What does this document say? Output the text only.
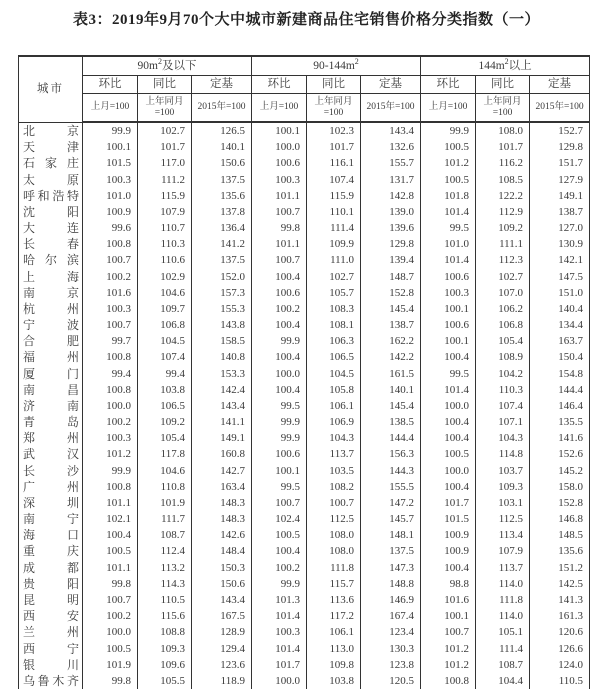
表3：2019年9月70个大中城市新建商品住宅销售价格分类指数（一）
城市	$90m^2$及以下			$90-144m^2$			$144m^2$以上		
	环比	同比	定基	环比	同比	定基	环比	同比	定基
	上月=100	上年同月=100	2015年=100	上月=100	上年同月=100	2015年=100	上月=100	上年同月=100	2015年=100

北 京	99.9	102.7	126.5	100.1	102.3	143.4	99.9	108.0	152.7

天 津	100.1	101.7	140.1	100.0	101.7	132.6	100.5	101.7	129.8

石 家 庄	101.5	117.0	150.6	100.6	116.1	155.7	101.2	116.2	151.7

太 原	100.3	111.2	137.5	100.3	107.4	131.7	100.5	108.5	127.9

呼 和 浩 特	101.0	115.9	135.6	101.1	115.9	142.8	101.8	122.2	149.1

沈 阳	100.9	107.9	137.8	100.7	110.1	139.0	101.4	112.9	138.7

大 连	99.6	110.7	136.4	99.8	111.4	139.6	99.5	109.2	127.0

长 春	100.8	110.3	141.2	101.1	109.9	129.8	101.0	111.1	130.9

哈 尔 滨	100.7	110.6	137.5	100.7	111.0	139.4	101.4	112.3	142.1

上 海	100.2	102.9	152.0	100.4	102.7	148.7	100.6	102.7	147.5

南 京	101.6	104.6	157.3	100.6	105.7	152.8	100.3	107.0	151.0

杭 州	100.3	109.7	155.3	100.2	108.3	145.4	100.1	106.2	140.4

宁 波	100.7	106.8	143.8	100.4	108.1	138.7	100.6	106.8	134.4

合 肥	99.7	104.5	158.5	99.9	106.3	162.2	100.1	105.4	163.7

福 州	100.8	107.4	140.8	100.4	106.5	142.2	100.4	108.9	150.4

厦 门	99.4	99.4	153.3	100.0	104.5	161.5	99.5	104.2	154.8

南 昌	100.8	103.8	142.4	100.4	105.8	140.1	101.4	110.3	144.4

济 南	100.0	106.5	143.4	99.5	106.1	145.4	100.0	107.4	146.4

青 岛	100.2	109.2	141.1	99.9	106.9	138.5	100.4	107.1	135.5

郑 州	100.3	105.4	149.1	99.9	104.3	144.4	100.4	104.3	141.6

武 汉	101.2	117.8	160.8	100.6	113.7	156.3	100.5	114.8	152.6

长 沙	99.9	104.6	142.7	100.1	103.5	144.3	100.0	103.7	145.2

广 州	100.8	110.8	163.4	99.5	108.2	155.5	100.4	109.3	158.0

深 圳	101.1	101.9	148.3	100.7	100.7	147.2	101.7	103.1	152.8

南 宁	102.1	111.7	148.3	102.4	112.5	145.7	101.5	112.5	146.8

海 口	100.4	108.7	142.6	100.5	108.0	148.1	100.9	113.4	148.5

重 庆	100.5	112.4	148.4	100.4	108.0	137.5	100.9	107.9	135.6

成 都	101.1	113.2	150.3	100.2	111.8	147.3	100.4	113.7	151.2

贵 阳	99.8	114.3	150.6	99.9	115.7	148.8	98.8	114.0	142.5

昆 明	100.7	110.5	143.4	101.3	113.6	146.9	101.6	111.8	141.3

西 安	100.2	115.6	167.5	101.4	117.2	167.4	100.1	114.0	161.3

兰 州	100.0	108.8	128.9	100.3	106.1	123.4	100.7	105.1	120.6

西 宁	100.5	109.3	129.4	101.4	113.0	130.3	101.2	111.4	126.6

银 川	101.9	109.6	123.6	101.7	109.8	123.8	101.2	108.7	124.0

乌 鲁 木 齐	99.8	105.5	118.9	100.0	103.8	120.5	100.8	104.4	110.5
